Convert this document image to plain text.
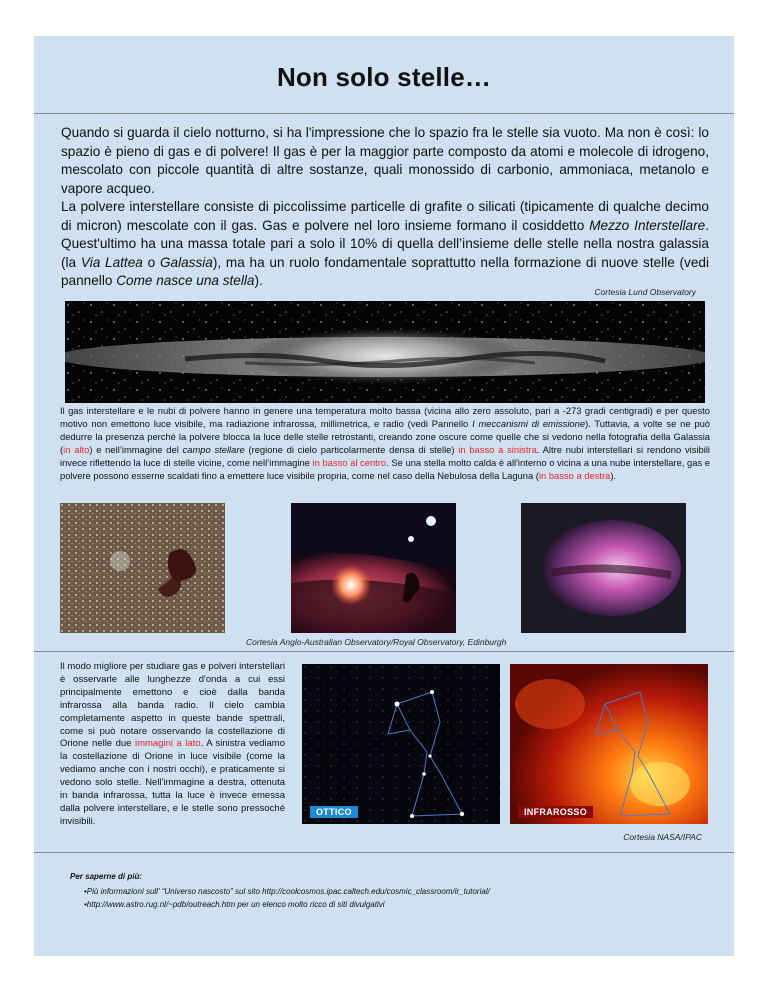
Non solo stelle…
Quando si guarda il cielo notturno, si ha l'impressione che lo spazio fra le stelle sia vuoto. Ma non è così: lo spazio è pieno di gas e di polvere! Il gas è per la maggior parte composto da atomi e molecole di idrogeno, mescolato con piccole quantità di altre sostanze, quali monossido di carbonio, ammoniaca, metanolo e vapore acqueo.
La polvere interstellare consiste di piccolissime particelle di grafite o silicati (tipicamente di qualche decimo di micron) mescolate con il gas. Gas e polvere nel loro insieme formano il cosiddetto Mezzo Interstellare. Quest'ultimo ha una massa totale pari a solo il 10% di quella dell’insieme delle stelle nella nostra galassia (la Via Lattea o Galassia), ma ha un ruolo fondamentale soprattutto nella formazione di nuove stelle (vedi pannello Come nasce una stella).
Cortesia Lund Observatory
Il gas interstellare e le nubi di polvere hanno in genere una temperatura molto bassa (vicina allo zero assoluto, pari a -273 gradi centigradi) e per questo motivo non emettono luce visibile, ma radiazione infrarossa, millimetrica, e radio (vedi Pannello I meccanismi di emissione). Tuttavia, a volte se ne può dedurre la presenza perché la polvere blocca la luce delle stelle retrostanti, creando zone oscure come quelle che si vedono nella fotografia della Galassia (in alto) e nell’immagine del campo stellare (regione di cielo particolarmente densa di stelle) in basso a sinistra. Altre nubi interstellari si rendono visibili invece riflettendo la luce di stelle vicine, come nell’immagine in basso al centro. Se una stella molto calda è all'interno o vicina a una nube interstellare, gas e polvere possono esserne scaldati fino a emettere luce visibile propria, come nel caso della Nebulosa della Laguna (in basso a destra).
Cortesia Anglo-Australian Observatory/Royal Observatory, Edinburgh
Il modo migliore per studiare gas e polveri interstellari è osservarle alle lunghezze d'onda a cui essi principalmente emettono e cioè dalla banda infrarossa alla banda radio. Il cielo cambia completamente aspetto in queste bande spettrali, come si può notare osservando la costellazione di Orione nelle due immagini a lato. A sinistra vediamo la costellazione di Orione in luce visibile (come la vediamo anche con i nostri occhi), e praticamente si vedono solo stelle. Nell'immagine a destra, ottenuta in banda infrarossa, tutta la luce è invece emessa dalla polvere interstellare, e le stelle sono pressoché invisibili.
OTTICO	INFRAROSSO
Cortesia NASA/IPAC
Per saperne di più:
•Più informazioni sull' “Universo nascosto” sul sito http://coolcosmos.ipac.caltech.edu/cosmic_classroom/ir_tutorial/
•http://www.astro.rug.nl/~pdb/outreach.htm per un elenco molto ricco di siti divulgativi
